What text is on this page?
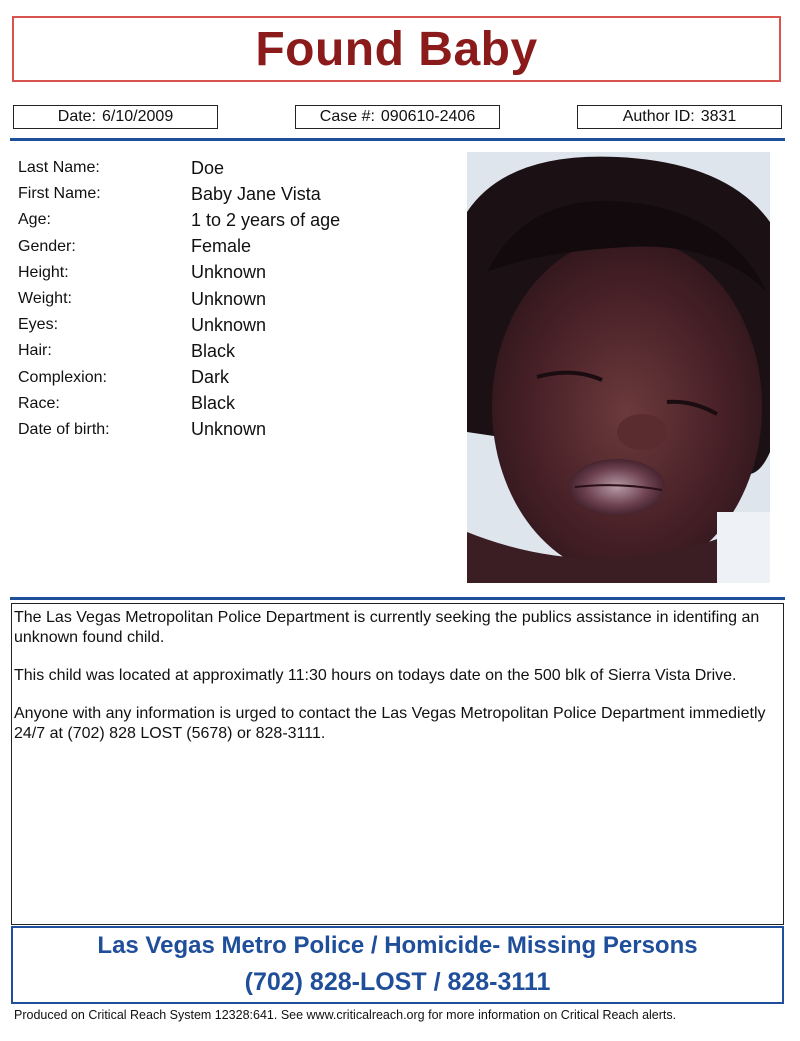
Found Baby
Date: 6/10/2009	Case #: 090610-2406	Author ID: 3831
Last Name:	Doe
First Name:	Baby Jane Vista
Age:	1 to 2 years of age
Gender:	Female
Height:	Unknown
Weight:	Unknown
Eyes:	Unknown
Hair:	Black
Complexion:	Dark
Race:	Black
Date of birth:	Unknown

The Las Vegas Metropolitan Police Department is currently seeking the publics assistance in identifing an unknown found child.

This child was located at approximatly 11:30 hours on todays date on the 500 blk of Sierra Vista Drive.

Anyone with any information is urged to contact the Las Vegas Metropolitan Police Department immedietly 24/7 at (702) 828 LOST (5678) or 828-3111.

Las Vegas Metro Police / Homicide- Missing Persons
(702) 828-LOST / 828-3111
Produced on Critical Reach System 12328:641. See www.criticalreach.org for more information on Critical Reach alerts.
